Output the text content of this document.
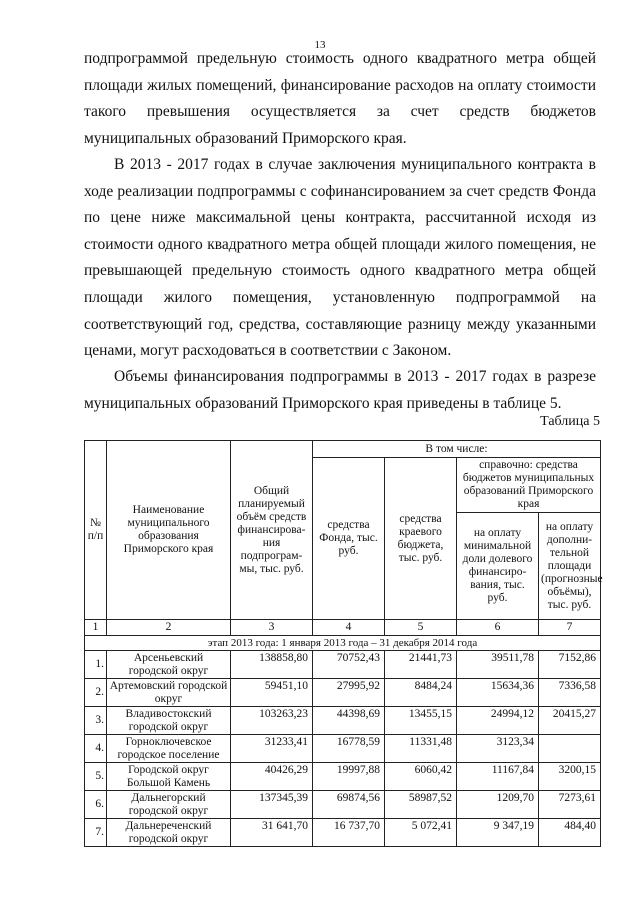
13

подпрограммой предельную стоимость одного квадратного метра общей площади жилых помещений, финансирование расходов на оплату стоимости такого превышения осуществляется за счет средств бюджетов муниципальных образований Приморского края.

В 2013 - 2017 годах в случае заключения муниципального контракта в ходе реализации подпрограммы с софинансированием за счет средств Фонда по цене ниже максимальной цены контракта, рассчитанной исходя из стоимости одного квадратного метра общей площади жилого помещения, не превышающей предельную стоимость одного квадратного метра общей площади жилого помещения, установленную подпрограммой на соответствующий год, средства, составляющие разницу между указанными ценами, могут расходоваться в соответствии с Законом.

Объемы финансирования подпрограммы в 2013 - 2017 годах в разрезе муниципальных образований Приморского края приведены в таблице 5.

Таблица 5
№ п/п	Наименование муниципального образования Приморского края	Общий планируемый объём средств финансирова-ния подпрограм-мы, тыс. руб.	В том числе:			
			средства Фонда, тыс. руб.	средства краевого бюджета, тыс. руб.	справочно: средства бюджетов муниципальных образований Приморского края	
					на оплату минимальной доли долевого финансиро-вания, тыс. руб.	на оплату дополни-тельной площади (прогнозные объёмы), тыс. руб.
1	2	3	4	5	6	7
этап 2013 года: 1 января 2013 года – 31 декабря 2014 года						
1.	Арсеньевский городской округ	138858,80	70752,43	21441,73	39511,78	7152,86
2.	Артемовский городской округ	59451,10	27995,92	8484,24	15634,36	7336,58
3.	Владивостокский городской округ	103263,23	44398,69	13455,15	24994,12	20415,27
4.	Горноключевское городское поселение	31233,41	16778,59	11331,48	3123,34	
5.	Городской округ Большой Камень	40426,29	19997,88	6060,42	11167,84	3200,15
6.	Дальнегорский городской округ	137345,39	69874,56	58987,52	1209,70	7273,61
7.	Дальнереченский городской округ	31 641,70	16 737,70	5 072,41	9 347,19	484,40
